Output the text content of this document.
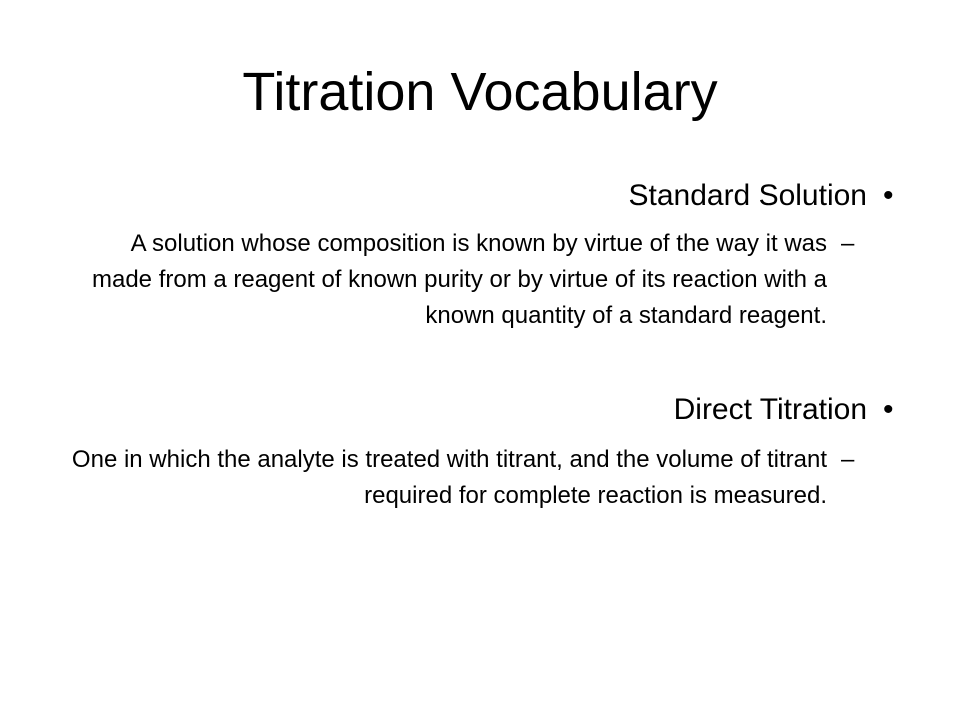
Titration Vocabulary
Standard Solution •
A solution whose composition is known by virtue of the way it was made from a reagent of known purity or by virtue of its reaction with a known quantity of a standard reagent.
–
Direct Titration •
One in which the analyte is treated with titrant, and the volume of titrant required for complete reaction is measured.
–
